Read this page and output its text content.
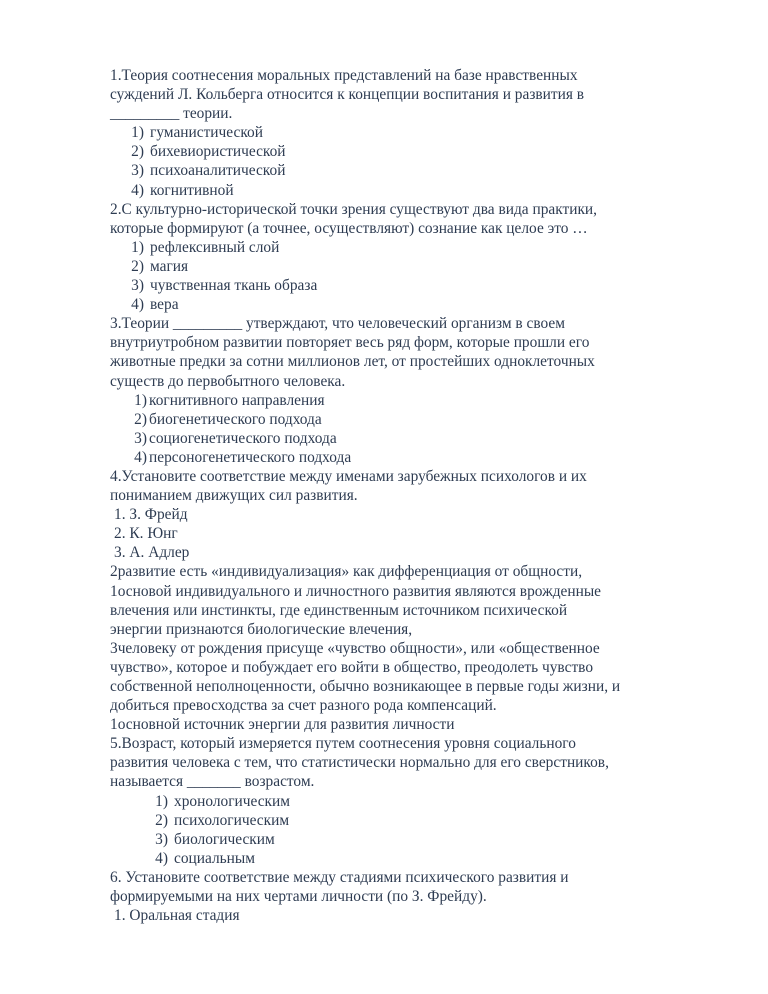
1.Теория соотнесения моральных представлений на базе нравственных
суждений Л. Кольберга относится к концепции воспитания и развития в
_________ теории.
1) гуманистической
2) бихевиористической
3) психоаналитической
4) когнитивной
2.С культурно-исторической точки зрения существуют два вида практики,
которые формируют (а точнее, осуществляют) сознание как целое это …
1) рефлексивный слой
2) магия
3) чувственная ткань образа
4) вера
3.Теории _________ утверждают, что человеческий организм в своем
внутриутробном развитии повторяет весь ряд форм, которые прошли его
животные предки за сотни миллионов лет, от простейших одноклеточных
существ до первобытного человека.
1) когнитивного направления
2) биогенетического подхода
3) социогенетического подхода
4) персоногенетического подхода
4.Установите соответствие между именами зарубежных психологов и их
пониманием движущих сил развития.
1. З. Фрейд
2. К. Юнг
3. А. Адлер
2развитие есть «индивидуализация» как дифференциация от общности,
1основой индивидуального и личностного развития являются врожденные
влечения или инстинкты, где единственным источником психической
энергии признаются биологические влечения,
3человеку от рождения присуще «чувство общности», или «общественное
чувство», которое и побуждает его войти в общество, преодолеть чувство
собственной неполноценности, обычно возникающее в первые годы жизни, и
добиться превосходства за счет разного рода компенсаций.
1основной источник энергии для развития личности
5.Возраст, который измеряется путем соотнесения уровня социального
развития человека с тем, что статистически нормально для его сверстников,
называется _______ возрастом.
1) хронологическим
2) психологическим
3) биологическим
4) социальным
6. Установите соответствие между стадиями психического развития и
формируемыми на них чертами личности (по З. Фрейду).
1. Оральная стадия
